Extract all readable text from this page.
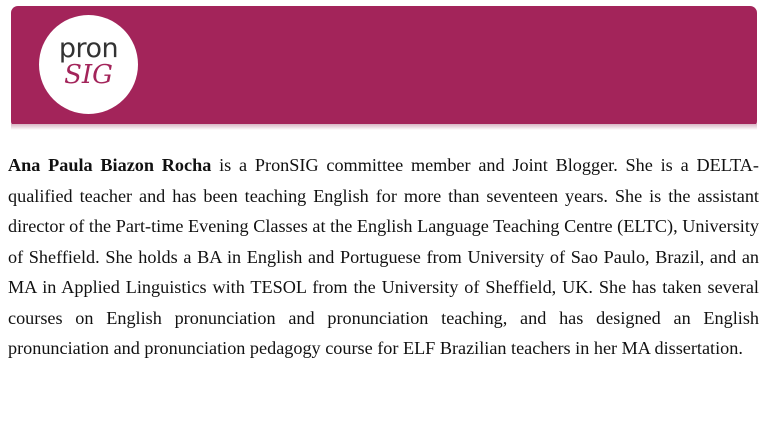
pron
SIG

Ana Paula Biazon Rocha is a PronSIG committee member and Joint Blogger. She is a DELTA-qualified teacher and has been teaching English for more than seventeen years. She is the assistant director of the Part-time Evening Classes at the English Language Teaching Centre (ELTC), University of Sheffield. She holds a BA in English and Portuguese from University of Sao Paulo, Brazil, and an MA in Applied Linguistics with TESOL from the University of Sheffield, UK. She has taken several courses on English pronunciation and pronunciation teaching, and has designed an English pronunciation and pronunciation pedagogy course for ELF Brazilian teachers in her MA dissertation.
